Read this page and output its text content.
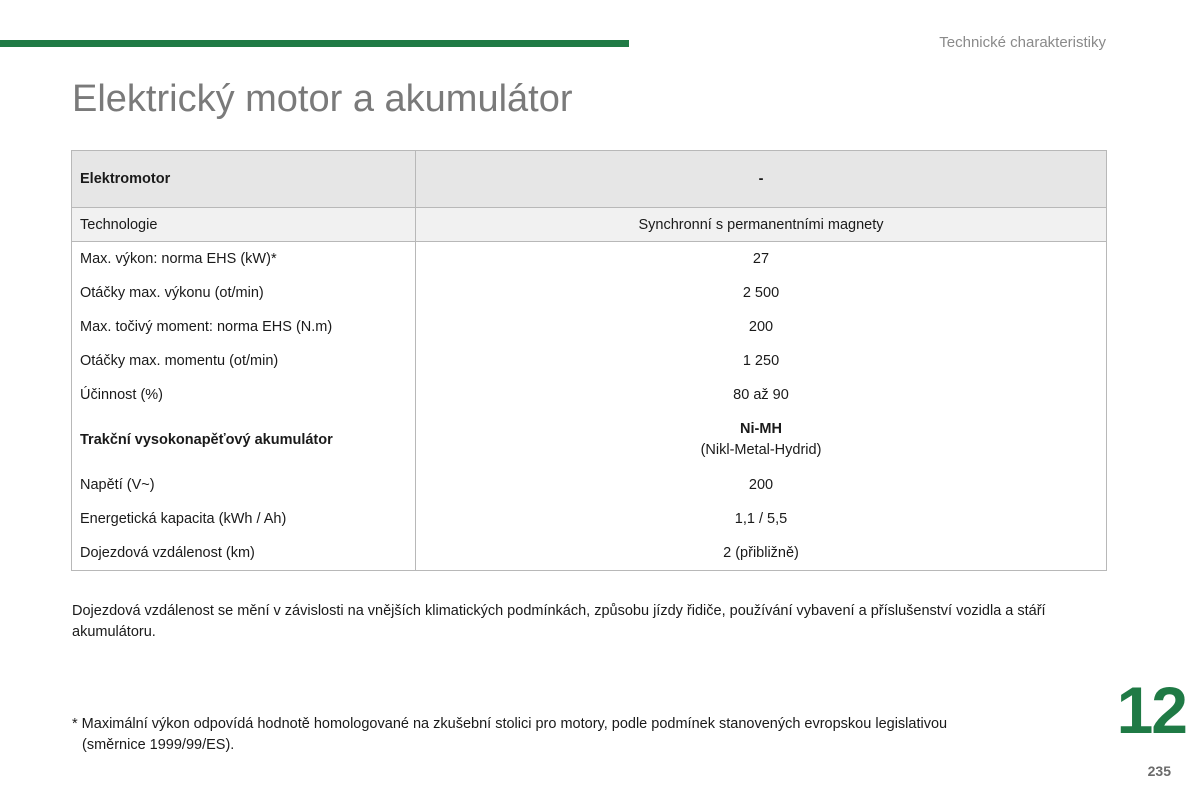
Technické charakteristiky
Elektrický motor a akumulátor
Elektromotor	-
Technologie	Synchronní s permanentními magnety
Max. výkon: norma EHS (kW)*	27
Otáčky max. výkonu (ot/min)	2 500
Max. točivý moment: norma EHS (N.m)	200
Otáčky max. momentu (ot/min)	1 250
Účinnost (%)	80 až 90
Trakční vysokonapěťový akumulátor	Ni-MH
(Nikl-Metal-Hydrid)

Napětí (V~)	200
Energetická kapacita (kWh / Ah)	1,1 / 5,5
Dojezdová vzdálenost (km)	2 (přibližně)

Dojezdová vzdálenost se mění v závislosti na vnějších klimatických podmínkách, způsobu jízdy řidiče, používání vybavení a příslušenství vozidla a stáří akumulátoru.

* Maximální výkon odpovídá hodnotě homologované na zkušební stolici pro motory, podle podmínek stanovených evropskou legislativou
(směrnice 1999/99/ES).	12
235
